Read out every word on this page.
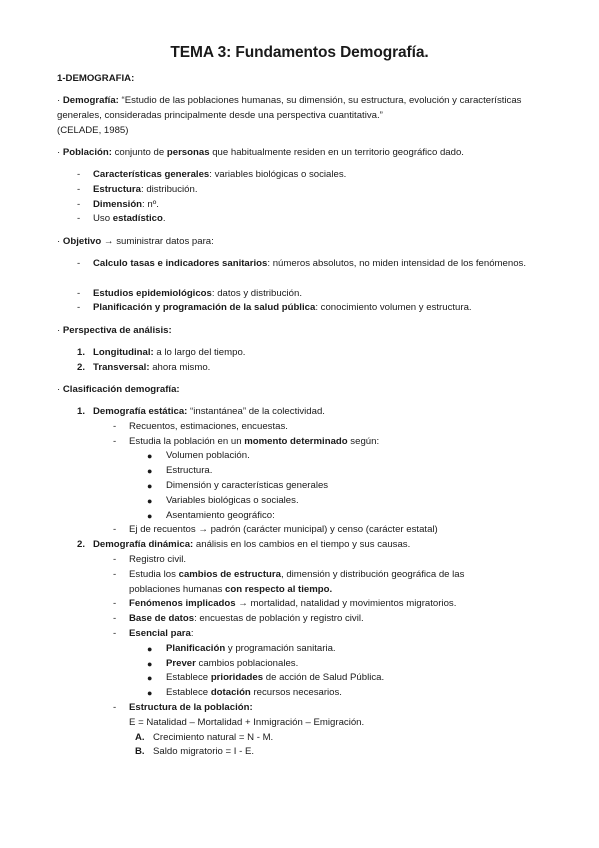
TEMA 3: Fundamentos Demografía.
1-DEMOGRAFIA:

· Demografía: “Estudio de las poblaciones humanas, su dimensión, su estructura, evolución y características generales, consideradas principalmente desde una perspectiva cuantitativa.”

(CELADE, 1985)

· Población: conjunto de personas que habitualmente residen en un territorio geográfico dado.
- Características generales: variables biológicas o sociales.
- Estructura: distribución.
- Dimensión: nº.
- Uso estadístico.
· Objetivo → suministrar datos para:
- Calculo tasas e indicadores sanitarios: números absolutos, no miden intensidad de los fenómenos.
- Estudios epidemiológicos: datos y distribución.
- Planificación y programación de la salud pública: conocimiento volumen y estructura.
· Perspectiva de análisis:
1. Longitudinal: a lo largo del tiempo.
2. Transversal: ahora mismo.
· Clasificación demografía:
1. Demografía estática: “instantánea” de la colectividad.
- Recuentos, estimaciones, encuestas.
- Estudia la población en un momento determinado según:
● Volumen población.
● Estructura.
● Dimensión y características generales
● Variables biológicas o sociales.
● Asentamiento geográfico:
- Ej de recuentos → padrón (carácter municipal) y censo (carácter estatal)
2. Demografía dinámica: análisis en los cambios en el tiempo y sus causas.
- Registro civil.
- Estudia los cambios de estructura, dimensión y distribución geográfica de las
poblaciones humanas con respecto al tiempo.
- Fenómenos implicados → mortalidad, natalidad y movimientos migratorios.
- Base de datos: encuestas de población y registro civil.
- Esencial para:
● Planificación y programación sanitaria.
● Prever cambios poblacionales.
● Establece prioridades de acción de Salud Pública.
● Establece dotación recursos necesarios.
- Estructura de la población:
E = Natalidad – Mortalidad + Inmigración – Emigración.
A. Crecimiento natural = N - M.
B. Saldo migratorio = I - E.
